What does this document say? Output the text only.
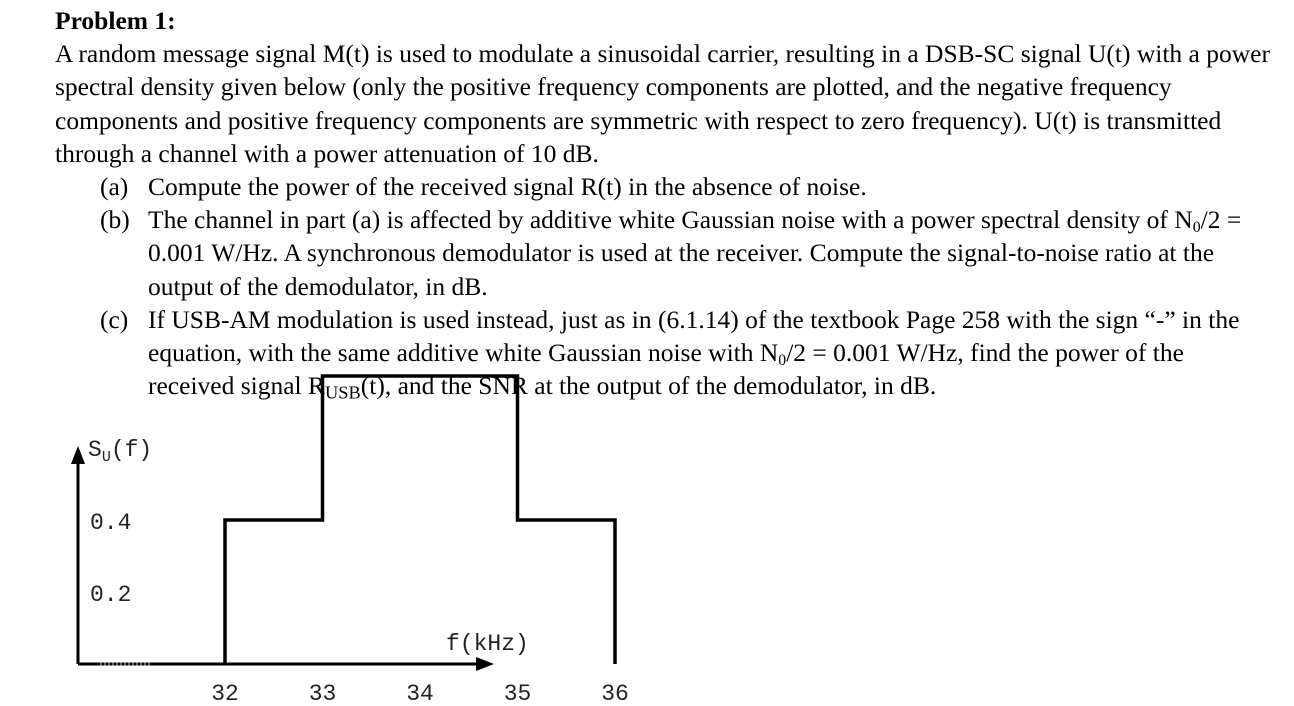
Problem 1:

A random message signal M(t) is used to modulate a sinusoidal carrier, resulting in a DSB-SC signal U(t) with a power spectral density given below (only the positive frequency components are plotted, and the negative frequency components and positive frequency components are symmetric with respect to zero frequency). U(t) is transmitted through a channel with a power attenuation of 10 dB.

(a) Compute the power of the received signal R(t) in the absence of noise.
(b) The channel in part (a) is affected by additive white Gaussian noise with a power spectral density of $N_0/2 = 0.001$ W/Hz. A synchronous demodulator is used at the receiver. Compute the signal-to-noise ratio at the output of the demodulator, in dB.
(c) If USB-AM modulation is used instead, just as in (6.1.14) of the textbook Page 258 with the sign “-” in the equation, with the same additive white Gaussian noise with $N_0/2 = 0.001$ W/Hz, find the power of the received signal $R_{USB}(t)$, and the SNR at the output of the demodulator, in dB.
$S_U(f)$
0.4
0.2
f(kHz)
32	33	34	35	36
